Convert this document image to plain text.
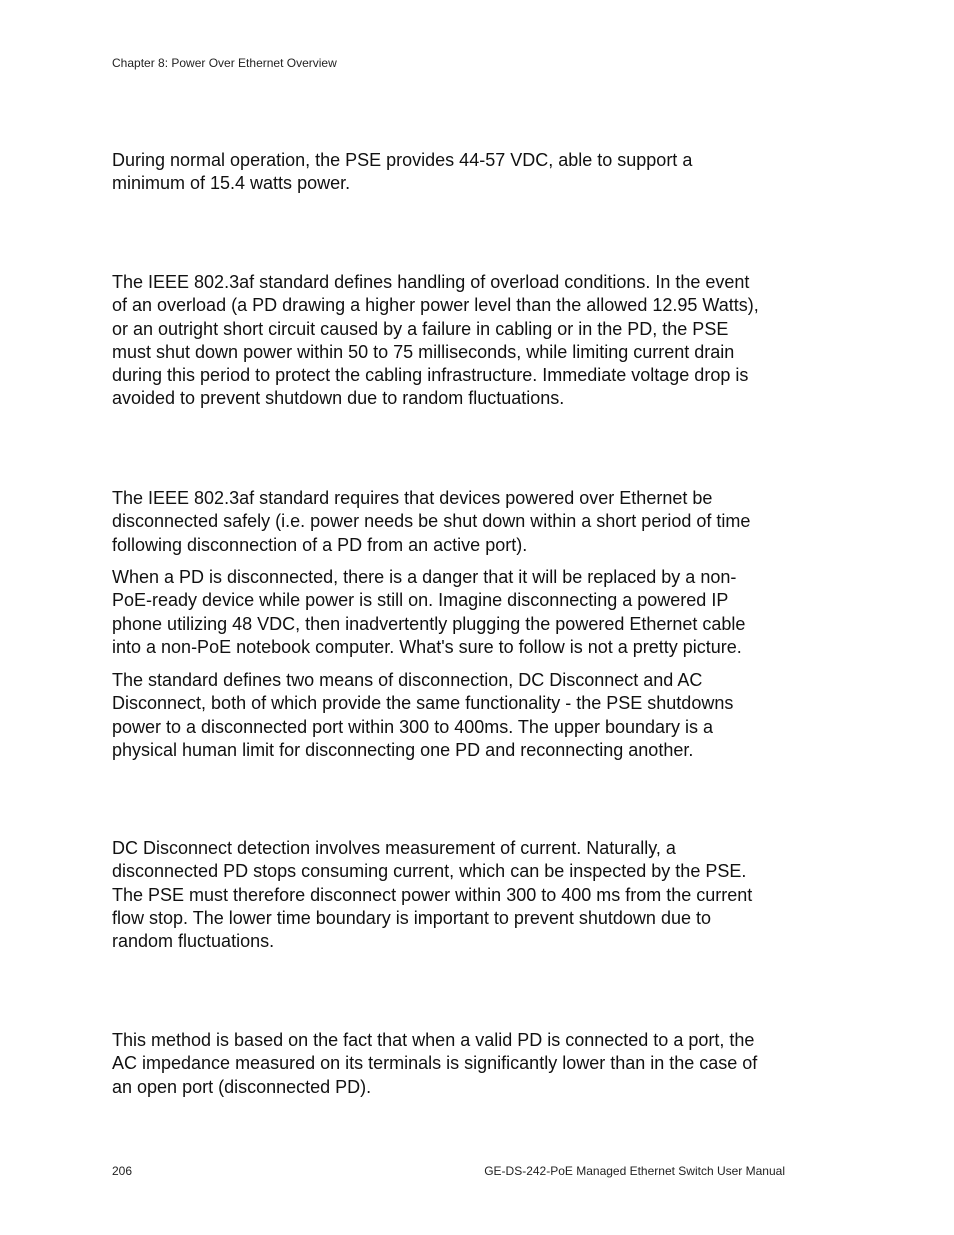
Chapter 8: Power Over Ethernet Overview

During normal operation, the PSE provides 44-57 VDC, able to support a
minimum of 15.4 watts power.

The IEEE 802.3af standard defines handling of overload conditions. In the event
of an overload (a PD drawing a higher power level than the allowed 12.95 Watts),
or an outright short circuit caused by a failure in cabling or in the PD, the PSE
must shut down power within 50 to 75 milliseconds, while limiting current drain
during this period to protect the cabling infrastructure. Immediate voltage drop is
avoided to prevent shutdown due to random fluctuations.

The IEEE 802.3af standard requires that devices powered over Ethernet be
disconnected safely (i.e. power needs be shut down within a short period of time
following disconnection of a PD from an active port).

When a PD is disconnected, there is a danger that it will be replaced by a non-
PoE-ready device while power is still on. Imagine disconnecting a powered IP
phone utilizing 48 VDC, then inadvertently plugging the powered Ethernet cable
into a non-PoE notebook computer. What's sure to follow is not a pretty picture.

The standard defines two means of disconnection, DC Disconnect and AC
Disconnect, both of which provide the same functionality - the PSE shutdowns
power to a disconnected port within 300 to 400ms. The upper boundary is a
physical human limit for disconnecting one PD and reconnecting another.

DC Disconnect detection involves measurement of current. Naturally, a
disconnected PD stops consuming current, which can be inspected by the PSE.
The PSE must therefore disconnect power within 300 to 400 ms from the current
flow stop. The lower time boundary is important to prevent shutdown due to
random fluctuations.

This method is based on the fact that when a valid PD is connected to a port, the
AC impedance measured on its terminals is significantly lower than in the case of
an open port (disconnected PD).

206	GE-DS-242-PoE Managed Ethernet Switch User Manual
